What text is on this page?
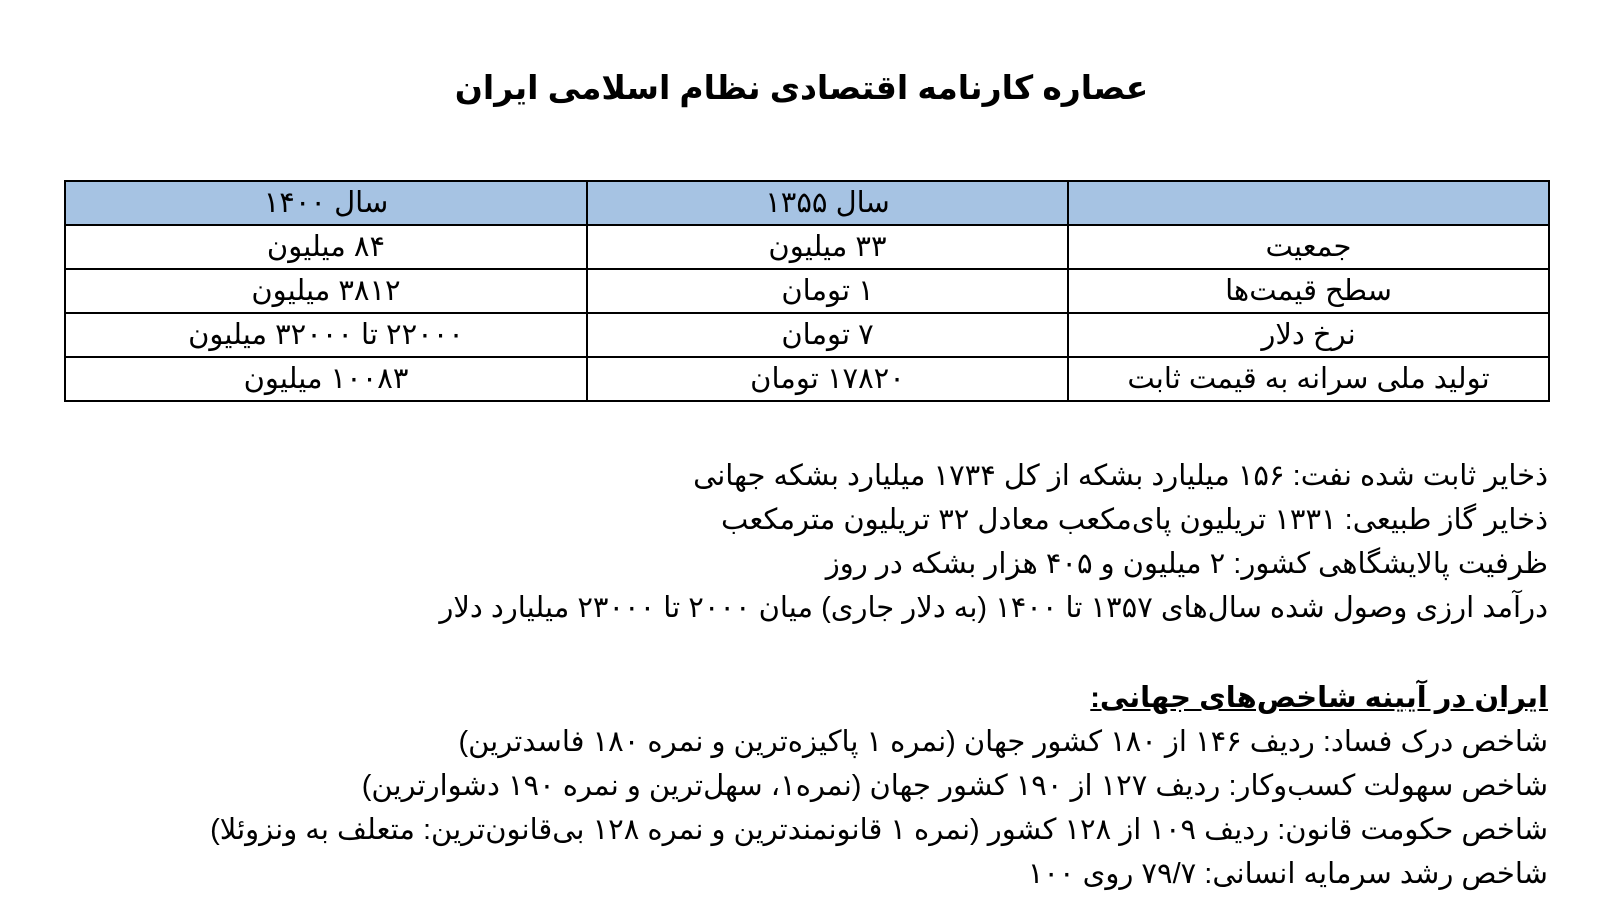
عصاره کارنامه اقتصادی نظام اسلامی ایران
	سال ۱۳۵۵	سال ۱۴۰۰
جمعیت	۳۳ میلیون	۸۴ میلیون
سطح قیمت‌ها	۱ تومان	۳۸۱۲ میلیون
نرخ دلار	۷ تومان	۲۲۰۰۰ تا ۳۲۰۰۰ میلیون
تولید ملی سرانه به قیمت ثابت	۱۷۸۲۰ تومان	۱۰۰۸۳ میلیون

ذخایر ثابت شده نفت: ۱۵۶ میلیارد بشکه از کل ۱۷۳۴ میلیارد بشکه جهانی

ذخایر گاز طبیعی: ۱۳۳۱ تریلیون پای‌مکعب معادل ۳۲ تریلیون مترمکعب

ظرفیت پالایشگاهی کشور: ۲ میلیون و ۴۰۵ هزار بشکه در روز

درآمد ارزی وصول شده سال‌های ۱۳۵۷ تا ۱۴۰۰ (به دلار جاری) میان ۲۰۰۰ تا ۲۳۰۰۰ میلیارد دلار

ایران در آیینه شاخص‌های جهانی:

شاخص درک فساد: ردیف ۱۴۶ از ۱۸۰ کشور جهان (نمره ۱ پاکیزه‌ترین و نمره ۱۸۰ فاسدترین)

شاخص سهولت کسب‌وکار: ردیف ۱۲۷ از ۱۹۰ کشور جهان (نمره۱، سهل‌ترین و نمره ۱۹۰ دشوارترین)

شاخص حکومت قانون: ردیف ۱۰۹ از ۱۲۸ کشور (نمره ۱ قانونمندترین و نمره ۱۲۸ بی‌قانون‌ترین: متعلف به ونزوئلا)

شاخص رشد سرمایه انسانی: ۷۹/۷ روی ۱۰۰
